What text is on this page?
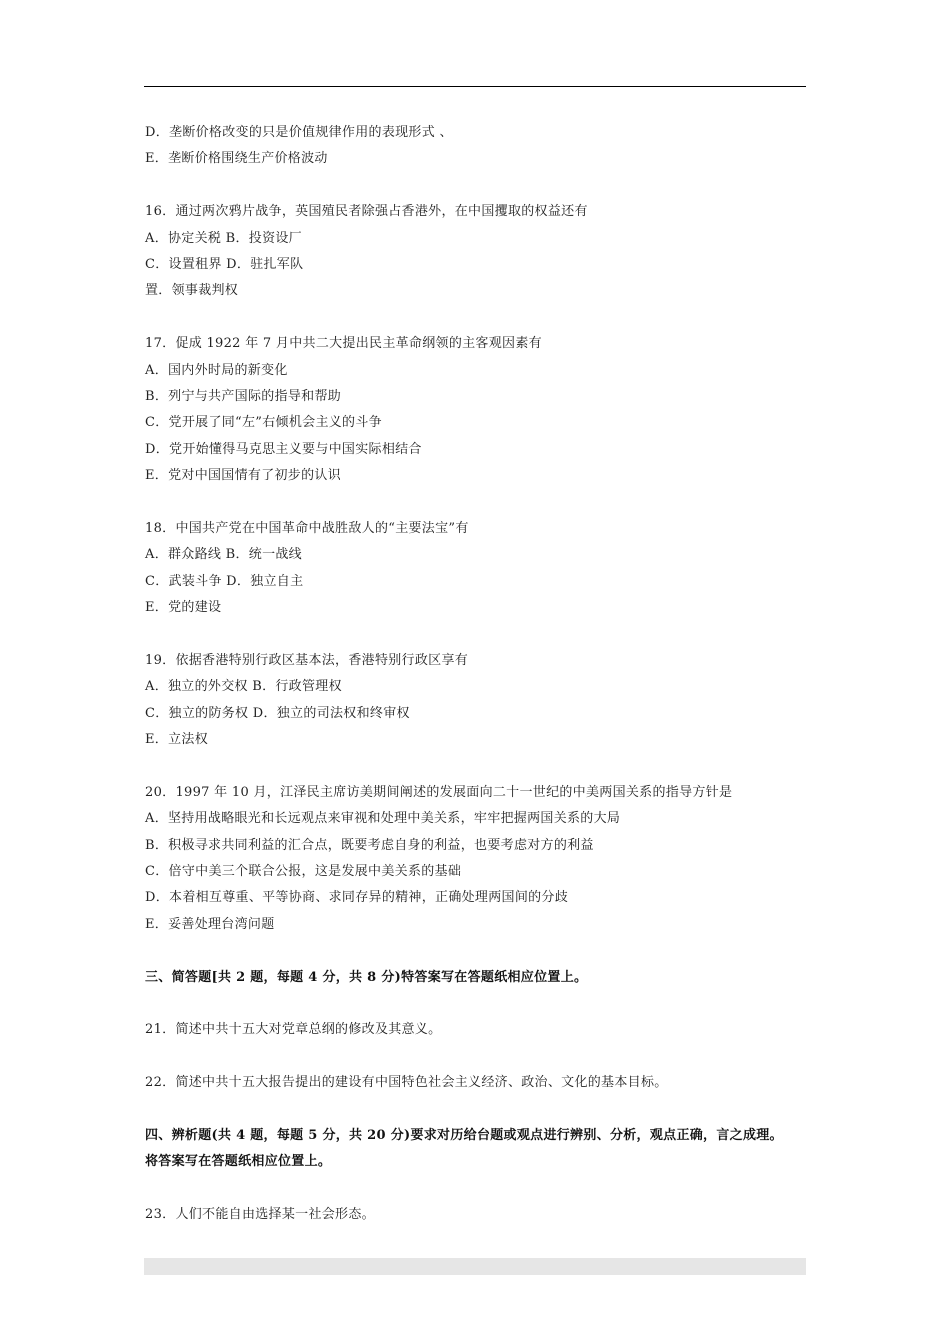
D．垄断价格改变的只是价值规律作用的表现形式 、
E．垄断价格围绕生产价格波动
16．通过两次鸦片战争，英国殖民者除强占香港外，在中国攫取的权益还有
A．协定关税 B．投资设厂
C．设置租界 D．驻扎军队
置．领事裁判权
17．促成 1922 年 7 月中共二大提出民主革命纲领的主客观因素有
A．国内外时局的新变化
B．列宁与共产国际的指导和帮助
C．党开展了同“左”右倾机会主义的斗争
D．党开始懂得马克思主义要与中国实际相结合
E．党对中国国情有了初步的认识
18．中国共产党在中国革命中战胜敌人的“主要法宝”有
A．群众路线 B．统一战线
C．武装斗争 D．独立自主
E．党的建设
19．依据香港特别行政区基本法，香港特别行政区享有
A．独立的外交权 B．行政管理权
C．独立的防务权 D．独立的司法权和终审权
E．立法权
20．1997 年 10 月，江泽民主席访美期间阐述的发展面向二十一世纪的中美两国关系的指导方针是
A．坚持用战略眼光和长远观点来审视和处理中美关系，牢牢把握两国关系的大局
B．积极寻求共同利益的汇合点，既要考虑自身的利益，也要考虑对方的利益
C．倍守中美三个联合公报，这是发展中美关系的基础
D．本着相互尊重、平等协商、求同存异的精神，正确处理两国间的分歧
E．妥善处理台湾问题
三、简答题[共 2 题，每题 4 分，共 8 分)特答案写在答题纸相应位置上。
21．简述中共十五大对党章总纲的修改及其意义。
22．简述中共十五大报告提出的建设有中国特色社会主义经济、政治、文化的基本目标。
四、辨析题(共 4 题，每题 5 分，共 20 分)要求对历给台题或观点进行辨别、分析，观点正确，言之成理。
将答案写在答题纸相应位置上。
23．人们不能自由选择某一社会形态。
